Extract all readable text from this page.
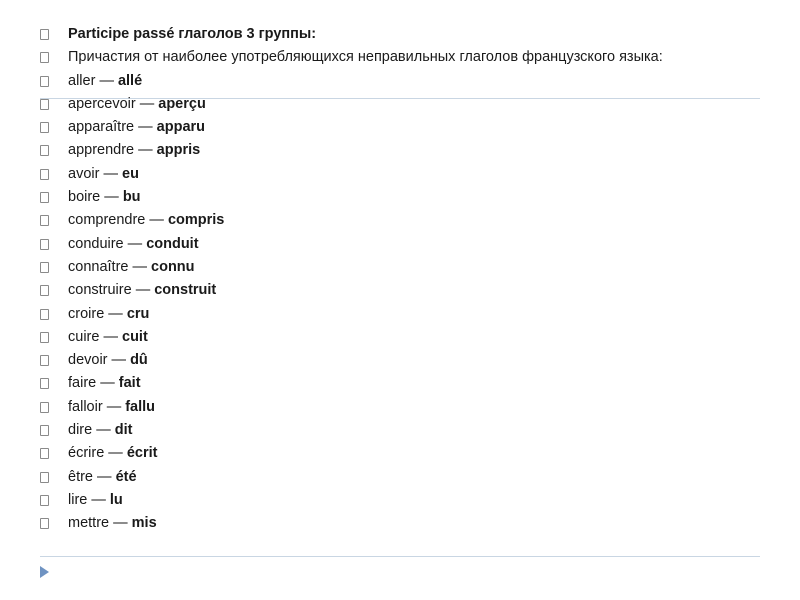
Participe passé глаголов 3 группы:
Причастия от наиболее употребляющихся неправильных глаголов французского языка:
aller — allé
apercevoir — aperçu
apparaître — apparu
apprendre — appris
avoir — eu
boire — bu
comprendre — compris
conduire — conduit
connaître — connu
construire — construit
croire — cru
cuire — cuit
devoir — dû
faire — fait
falloir — fallu
dire — dit
écrire — écrit
être — été
lire — lu
mettre — mis
